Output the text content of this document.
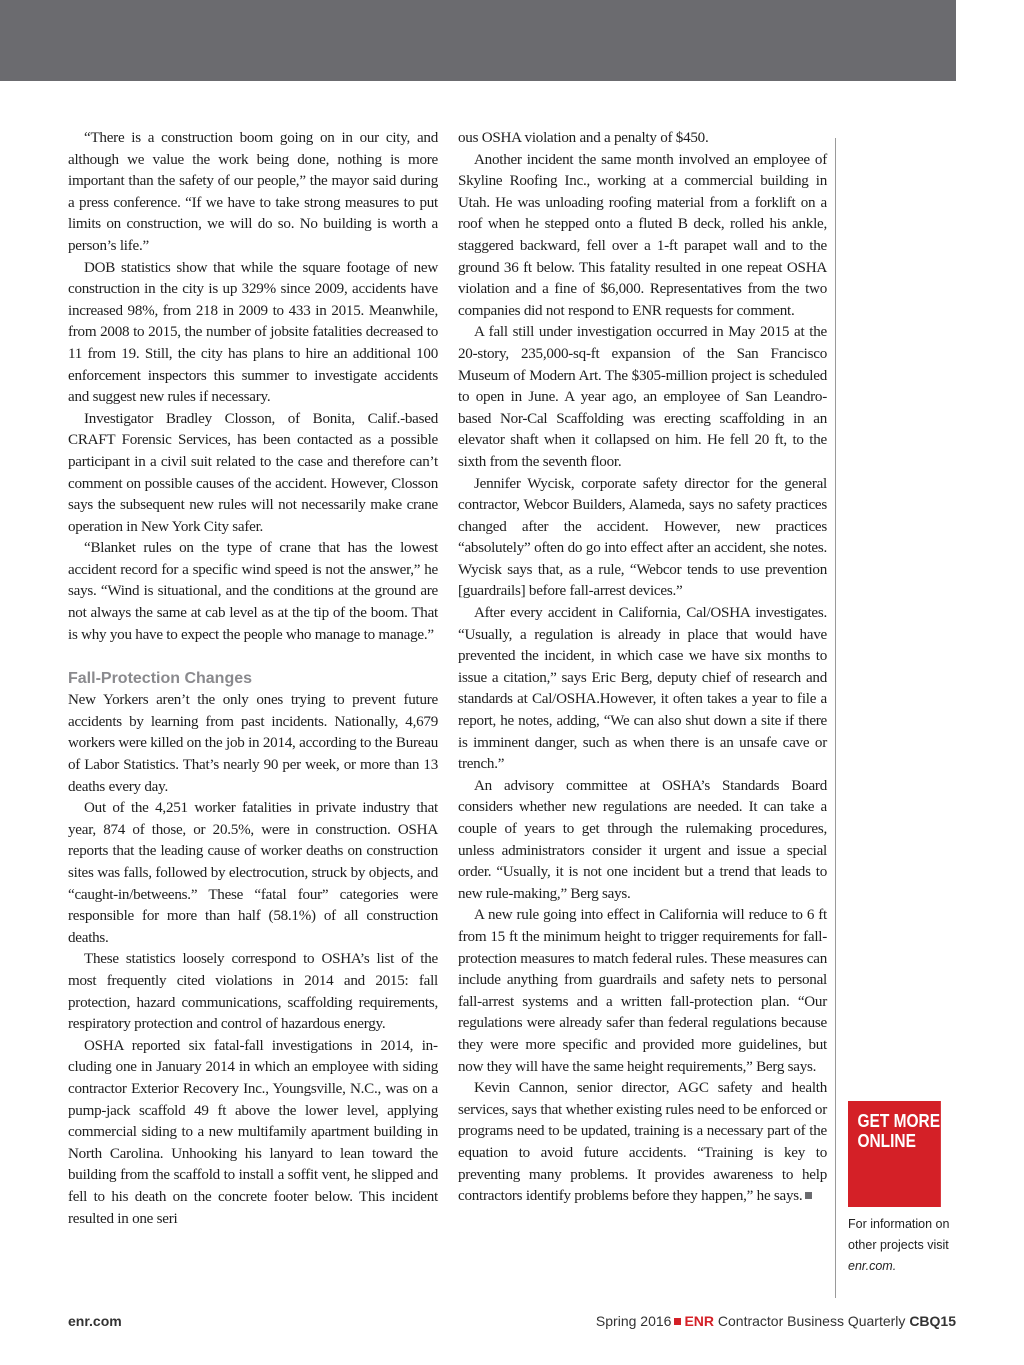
“There is a construction boom going on in our city, and although we value the work being done, nothing is more important than the safety of our people,” the mayor said during a press conference. “If we have to take strong measures to put limits on construction, we will do so. No building is worth a person’s life.”

DOB statistics show that while the square footage of new construction in the city is up 329% since 2009, accidents have increased 98%, from 218 in 2009 to 433 in 2015. Meanwhile, from 2008 to 2015, the number of jobsite fatalities decreased to 11 from 19. Still, the city has plans to hire an additional 100 enforcement inspectors this summer to investigate accidents and suggest new rules if necessary.

Investigator Bradley Closson, of Bonita, Calif.-based CRAFT Forensic Services, has been contacted as a possible participant in a civil suit related to the case and therefore can’t comment on possible causes of the accident. However, Closson says the subsequent new rules will not necessarily make crane operation in New York City safer.

“Blanket rules on the type of crane that has the lowest accident record for a specific wind speed is not the answer,” he says. “Wind is situational, and the conditions at the ground are not always the same at cab level as at the tip of the boom. That is why you have to expect the people who manage to manage.”

Fall-Protection Changes

New Yorkers aren’t the only ones trying to prevent future accidents by learning from past incidents. Nationally, 4,679 workers were killed on the job in 2014, according to the Bureau of Labor Statistics. That’s nearly 90 per week, or more than 13 deaths every day.

Out of the 4,251 worker fatalities in private industry that year, 874 of those, or 20.5%, were in construction. OSHA reports that the leading cause of worker deaths on construction sites was falls, followed by electrocution, struck by objects, and “caught-in/betweens.” These “fatal four” categories were responsible for more than half (58.1%) of all construction deaths.

These statistics loosely correspond to OSHA’s list of the most frequently cited violations in 2014 and 2015: fall protection, hazard communications, scaffolding requirements, respiratory protection and control of hazardous energy.

OSHA reported six fatal-fall investigations in 2014, including one in January 2014 in which an employee with siding contractor Exterior Recovery Inc., Youngsville, N.C., was on a pump-jack scaffold 49 ft above the lower level, applying commercial siding to a new multifamily apartment building in North Carolina. Unhooking his lanyard to lean toward the building from the scaffold to install a soffit vent, he slipped and fell to his death on the concrete footer below. This incident resulted in one seri

ous OSHA violation and a penalty of $450.

Another incident the same month involved an employee of Skyline Roofing Inc., working at a commercial building in Utah. He was unloading roofing material from a forklift on a roof when he stepped onto a fluted B deck, rolled his ankle, staggered backward, fell over a 1-ft parapet wall and to the ground 36 ft below. This fatality resulted in one repeat OSHA violation and a fine of $6,000. Representatives from the two companies did not respond to ENR requests for comment.

A fall still under investigation occurred in May 2015 at the 20-story, 235,000-sq-ft expansion of the San Francisco Museum of Modern Art. The $305-million project is scheduled to open in June. A year ago, an employee of San Leandro-based Nor-Cal Scaffolding was erecting scaffolding in an elevator shaft when it collapsed on him. He fell 20 ft, to the sixth from the seventh floor.

Jennifer Wycisk, corporate safety director for the general contractor, Webcor Builders, Alameda, says no safety practices changed after the accident. However, new practices “absolutely” often do go into effect after an accident, she notes. Wycisk says that, as a rule, “Webcor tends to use prevention [guardrails] before fall-arrest devices.”

After every accident in California, Cal/OSHA investigates. “Usually, a regulation is already in place that would have prevented the incident, in which case we have six months to issue a citation,” says Eric Berg, deputy chief of research and standards at Cal/OSHA.However, it often takes a year to file a report, he notes, adding, “We can also shut down a site if there is imminent danger, such as when there is an unsafe cave or trench.”

An advisory committee at OSHA’s Standards Board considers whether new regulations are needed. It can take a couple of years to get through the rulemaking procedures, unless administrators consider it urgent and issue a special order. “Usually, it is not one incident but a trend that leads to new rule-making,” Berg says.

A new rule going into effect in California will reduce to 6 ft from 15 ft the minimum height to trigger requirements for fall-protection measures to match federal rules. These measures can include anything from guardrails and safety nets to personal fall-arrest systems and a written fall-protection plan. “Our regulations were already safer than federal regulations because they were more specific and provided more guidelines, but now they will have the same height requirements,” Berg says.

Kevin Cannon, senior director, AGC safety and health services, says that whether existing rules need to be enforced or programs need to be updated, training is a necessary part of the equation to avoid future accidents. “Training is key to preventing many problems. It provides awareness to help contractors identify problems before they happen,” he says.

GET MORE
ONLINE
For information on other projects visit enr.com.
enr.com	Spring 2016 ENR Contractor Business Quarterly CBQ15
